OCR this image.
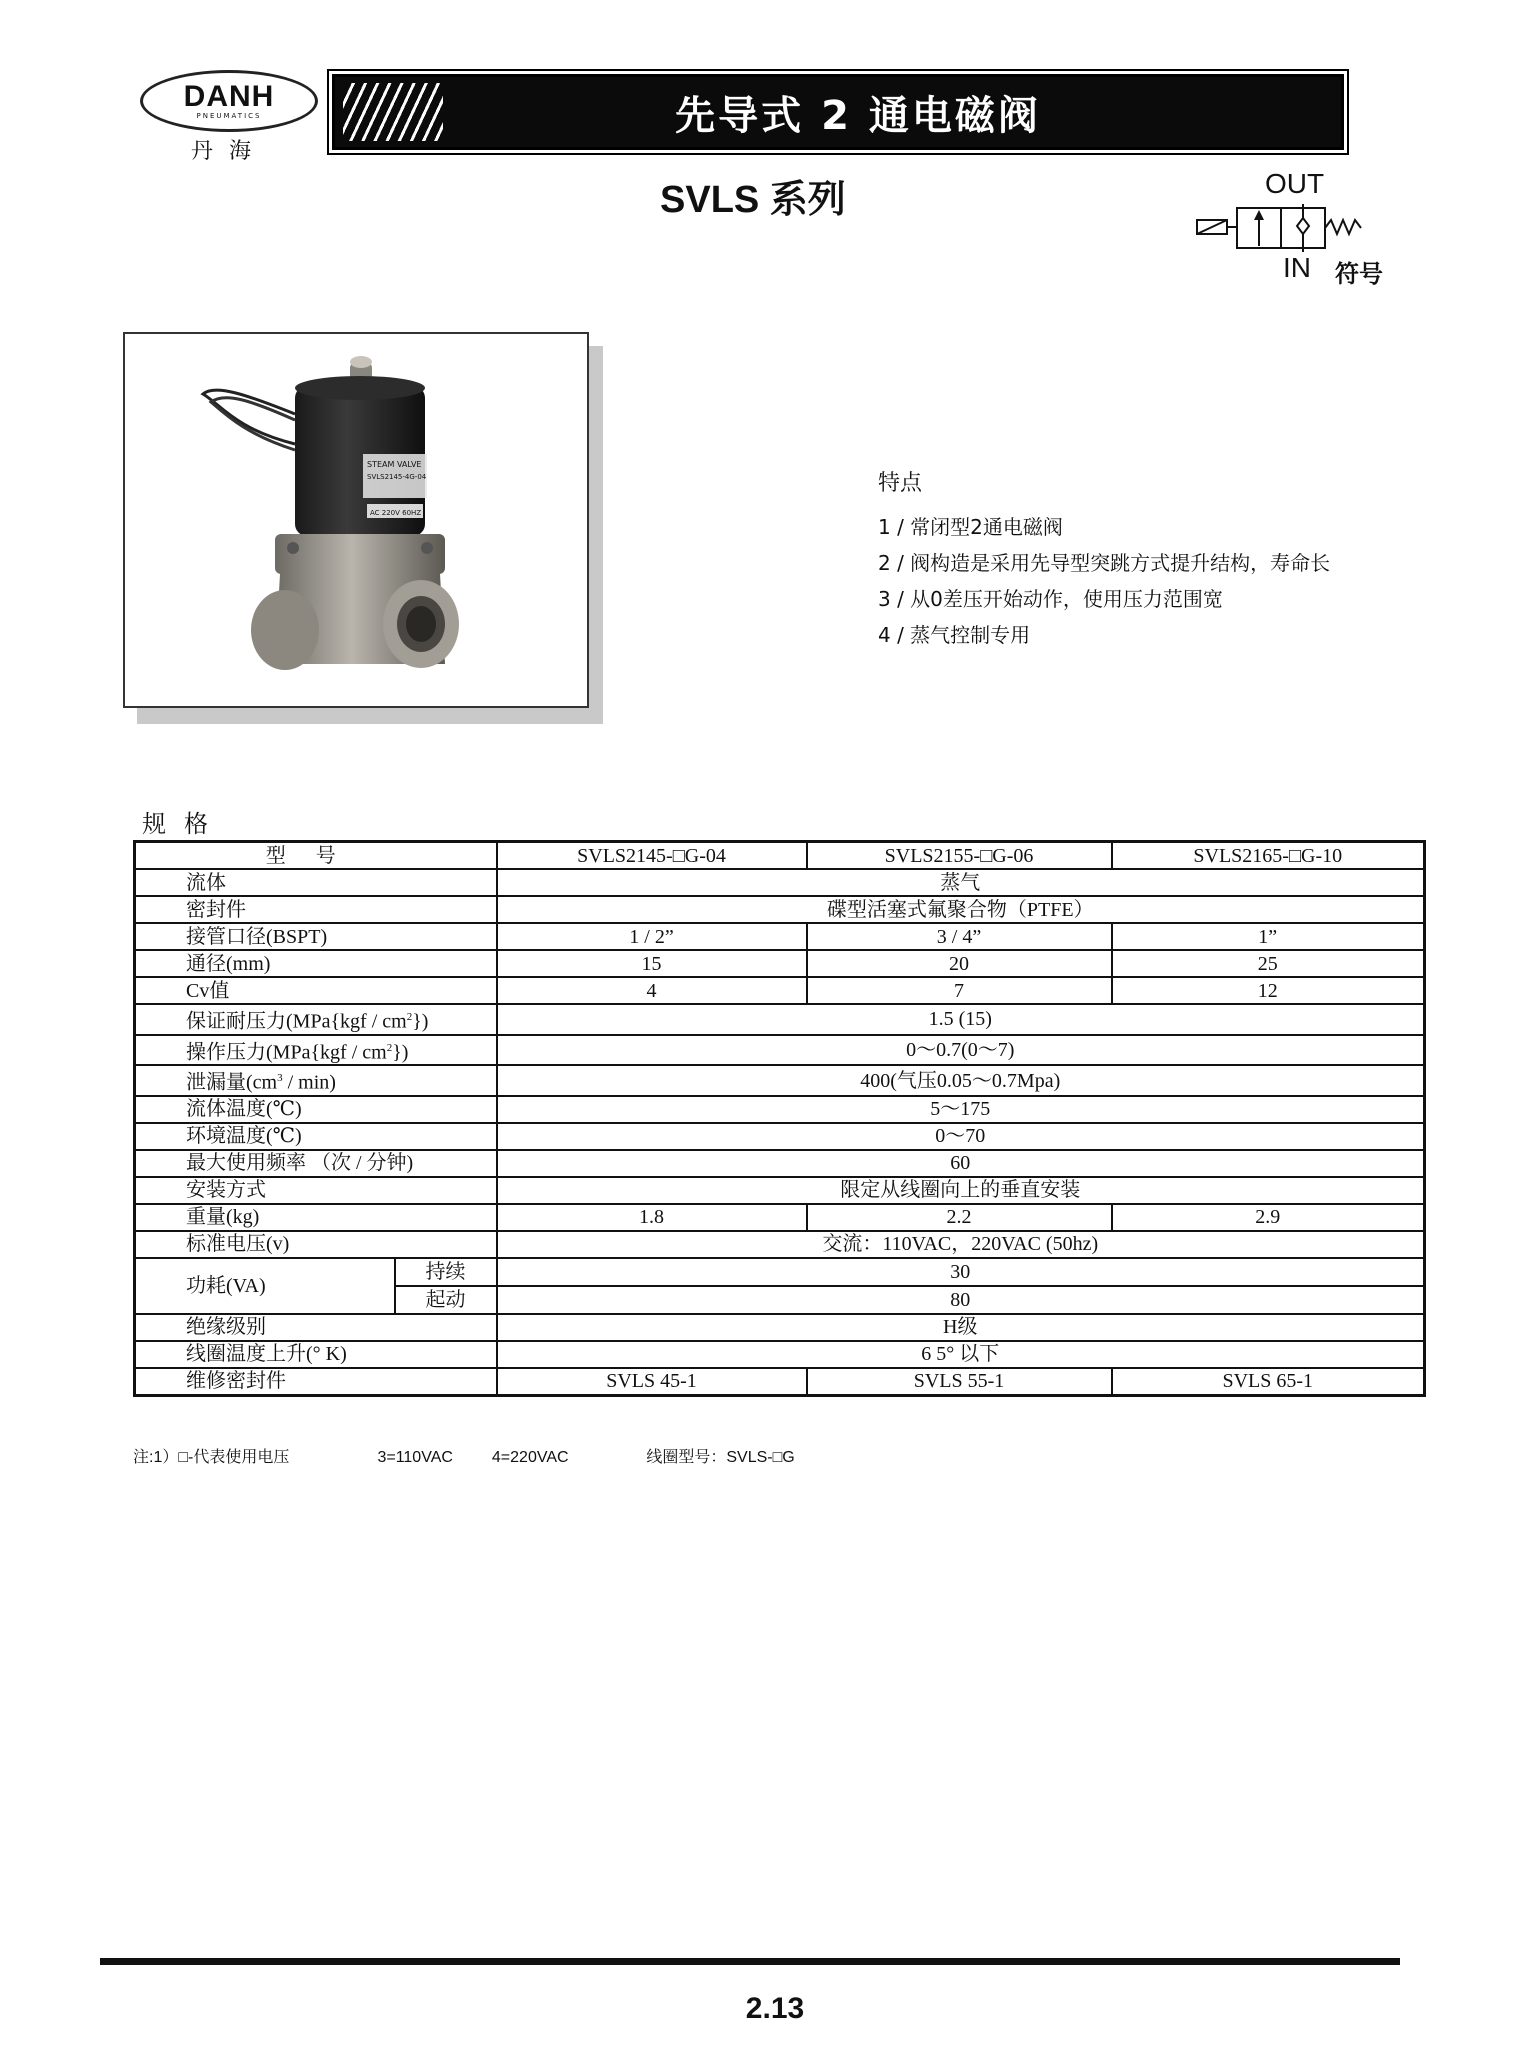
DANH
PNEUMATICS
丹海
先导式 2 通电磁阀
SVLS 系列	OUT
IN 符号
STEAM VALVE
SVLS2145-4G-04
AC 220V 60HZ
特点
1 / 常闭型2通电磁阀
2 / 阀构造是采用先导型突跳方式提升结构，寿命长
3 / 从0差压开始动作，使用压力范围宽
4 / 蒸气控制专用
规格
型号		SVLS2145-□G-04	SVLS2155-□G-06	SVLS2165-□G-10
流体		蒸气		
密封件		碟型活塞式氟聚合物（PTFE）		
接管口径(BSPT)		1 / 2”	3 / 4”	1”
通径(mm)		15	20	25
Cv值		4	7	12
保证耐压力$(MPa\{kgf / cm^2\})$		1.5 (15)		
操作压力$(MPa\{kgf / cm^2\})$		0～0.7(0～7)		
泄漏量$(cm^3 / \min)$		400(气压0.05～0.7Mpa)		
流体温度(℃)		5～175		
环境温度(℃)		0～70		
最大使用频率 （次 / 分钟)		60		
安装方式		限定从线圈向上的垂直安装		
重量(kg)		1.8	2.2	2.9
标准电压(v)		交流：110VAC，220VAC (50hz)		
功耗(VA)	持续	30		
	起动	80		
绝缘级别		H级		
线圈温度上升(° K)		6 5° 以下		
维修密封件		SVLS 45-1	SVLS 55-1	SVLS 65-1
注:1）□-代表使用电压	3=110VAC 4=220VAC	线圈型号：SVLS-□G
2.13
